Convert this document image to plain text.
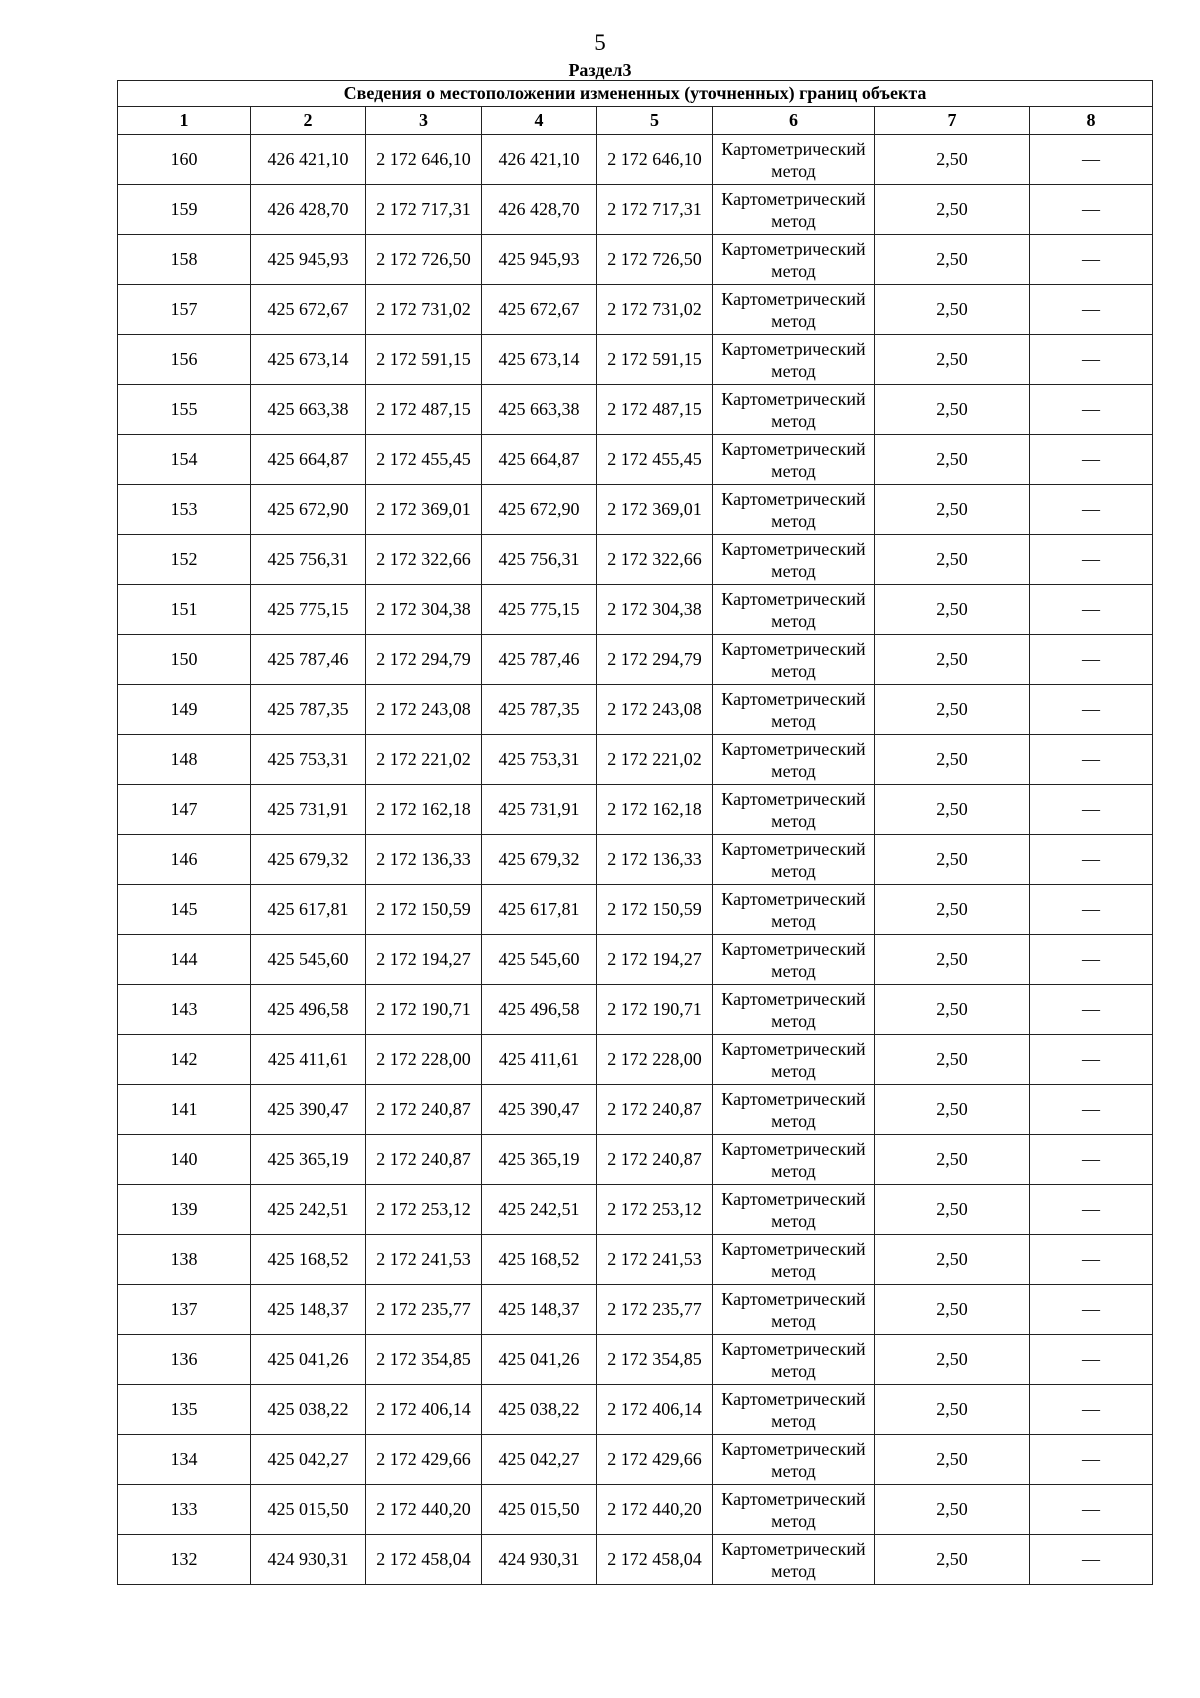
5
Раздел3
Сведения о местоположении измененных (уточненных) границ объекта							
1	2	3	4	5	6	7	8
160	426 421,10	2 172 646,10	426 421,10	2 172 646,10	Картометрический метод	2,50	—
159	426 428,70	2 172 717,31	426 428,70	2 172 717,31	Картометрический метод	2,50	—
158	425 945,93	2 172 726,50	425 945,93	2 172 726,50	Картометрический метод	2,50	—
157	425 672,67	2 172 731,02	425 672,67	2 172 731,02	Картометрический метод	2,50	—
156	425 673,14	2 172 591,15	425 673,14	2 172 591,15	Картометрический метод	2,50	—
155	425 663,38	2 172 487,15	425 663,38	2 172 487,15	Картометрический метод	2,50	—
154	425 664,87	2 172 455,45	425 664,87	2 172 455,45	Картометрический метод	2,50	—
153	425 672,90	2 172 369,01	425 672,90	2 172 369,01	Картометрический метод	2,50	—
152	425 756,31	2 172 322,66	425 756,31	2 172 322,66	Картометрический метод	2,50	—
151	425 775,15	2 172 304,38	425 775,15	2 172 304,38	Картометрический метод	2,50	—
150	425 787,46	2 172 294,79	425 787,46	2 172 294,79	Картометрический метод	2,50	—
149	425 787,35	2 172 243,08	425 787,35	2 172 243,08	Картометрический метод	2,50	—
148	425 753,31	2 172 221,02	425 753,31	2 172 221,02	Картометрический метод	2,50	—
147	425 731,91	2 172 162,18	425 731,91	2 172 162,18	Картометрический метод	2,50	—
146	425 679,32	2 172 136,33	425 679,32	2 172 136,33	Картометрический метод	2,50	—
145	425 617,81	2 172 150,59	425 617,81	2 172 150,59	Картометрический метод	2,50	—
144	425 545,60	2 172 194,27	425 545,60	2 172 194,27	Картометрический метод	2,50	—
143	425 496,58	2 172 190,71	425 496,58	2 172 190,71	Картометрический метод	2,50	—
142	425 411,61	2 172 228,00	425 411,61	2 172 228,00	Картометрический метод	2,50	—
141	425 390,47	2 172 240,87	425 390,47	2 172 240,87	Картометрический метод	2,50	—
140	425 365,19	2 172 240,87	425 365,19	2 172 240,87	Картометрический метод	2,50	—
139	425 242,51	2 172 253,12	425 242,51	2 172 253,12	Картометрический метод	2,50	—
138	425 168,52	2 172 241,53	425 168,52	2 172 241,53	Картометрический метод	2,50	—
137	425 148,37	2 172 235,77	425 148,37	2 172 235,77	Картометрический метод	2,50	—
136	425 041,26	2 172 354,85	425 041,26	2 172 354,85	Картометрический метод	2,50	—
135	425 038,22	2 172 406,14	425 038,22	2 172 406,14	Картометрический метод	2,50	—
134	425 042,27	2 172 429,66	425 042,27	2 172 429,66	Картометрический метод	2,50	—
133	425 015,50	2 172 440,20	425 015,50	2 172 440,20	Картометрический метод	2,50	—
132	424 930,31	2 172 458,04	424 930,31	2 172 458,04	Картометрический метод	2,50	—
